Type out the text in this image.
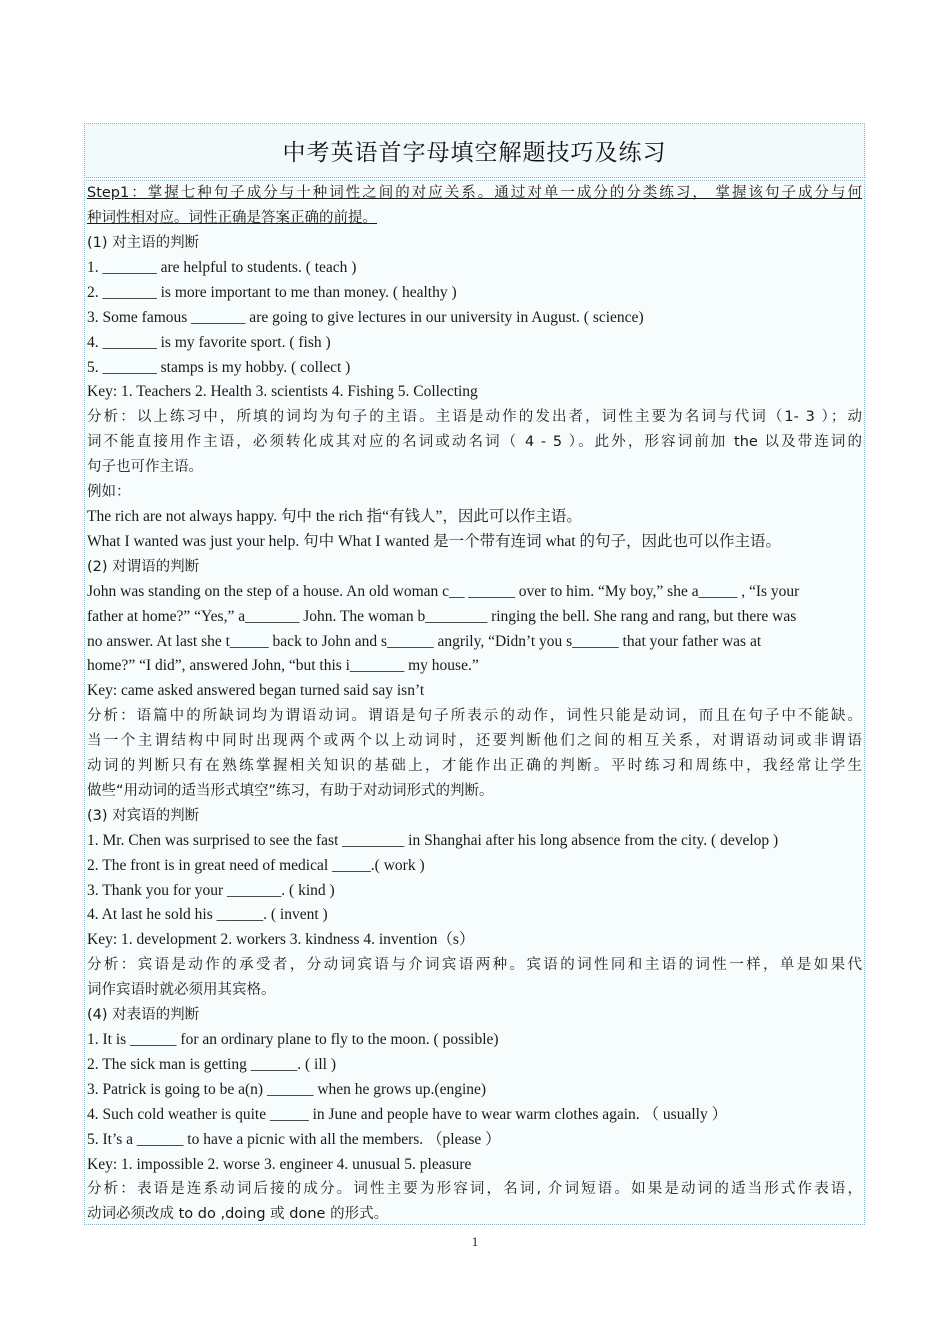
中考英语首字母填空解题技巧及练习
Step1：掌握七种句子成分与十种词性之间的对应关系。通过对单一成分的分类练习， 掌握该句子成分与何
种词性相对应。词性正确是答案正确的前提。
(1) 对主语的判断
1. _______ are helpful to students. ( teach )
2. _______ is more important to me than money. ( healthy )
3. Some famous _______ are going to give lectures in our university in August. ( science)
4. _______ is my favorite sport. ( fish )
5. _______ stamps is my hobby. ( collect )
Key: 1. Teachers 2. Health 3. scientists 4. Fishing 5. Collecting
分析：以上练习中，所填的词均为句子的主语。主语是动作的发出者，词性主要为名词与代词（1- 3 ）；动
词不能直接用作主语，必须转化成其对应的名词或动名词（ 4 - 5 ）。此外，形容词前加 the 以及带连词的
句子也可作主语。
例如：
The rich are not always happy. 句中 the rich 指“有钱人”，因此可以作主语。
What I wanted was just your help. 句中 What I wanted 是一个带有连词 what 的句子，因此也可以作主语。
(2) 对谓语的判断
John was standing on the step of a house. An old woman c__ ______ over to him. “My boy,” she a_____ , “Is your
father at home?” “Yes,” a_______ John. The woman b________ ringing the bell. She rang and rang, but there was
no answer. At last she t_____ back to John and s______ angrily, “Didn’t you s______ that your father was at
home?” “I did”, answered John, “but this i_______ my house.”
Key: came asked answered began turned said say isn’t
分析：语篇中的所缺词均为谓语动词。谓语是句子所表示的动作，词性只能是动词，而且在句子中不能缺。
当一个主谓结构中同时出现两个或两个以上动词时，还要判断他们之间的相互关系，对谓语动词或非谓语
动词的判断只有在熟练掌握相关知识的基础上，才能作出正确的判断。平时练习和周练中，我经常让学生
做些“用动词的适当形式填空”练习，有助于对动词形式的判断。
(3) 对宾语的判断
1. Mr. Chen was surprised to see the fast ________ in Shanghai after his long absence from the city. ( develop )
2. The front is in great need of medical _____.( work )
3. Thank you for your _______. ( kind )
4. At last he sold his ______. ( invent )
Key: 1. development 2. workers 3. kindness 4. invention（s）
分析：宾语是动作的承受者，分动词宾语与介词宾语两种。宾语的词性同和主语的词性一样，单是如果代
词作宾语时就必须用其宾格。
(4) 对表语的判断
1. It is ______ for an ordinary plane to fly to the moon. ( possible)
2. The sick man is getting ______. ( ill )
3. Patrick is going to be a(n) ______ when he grows up.(engine)
4. Such cold weather is quite _____ in June and people have to wear warm clothes again. （ usually ）
5. It’s a ______ to have a picnic with all the members. （please ）
Key: 1. impossible 2. worse 3. engineer 4. unusual 5. pleasure
分析：表语是连系动词后接的成分。词性主要为形容词，名词, 介词短语。如果是动词的适当形式作表语，
动词必须改成 to do ,doing 或 done 的形式。
1
